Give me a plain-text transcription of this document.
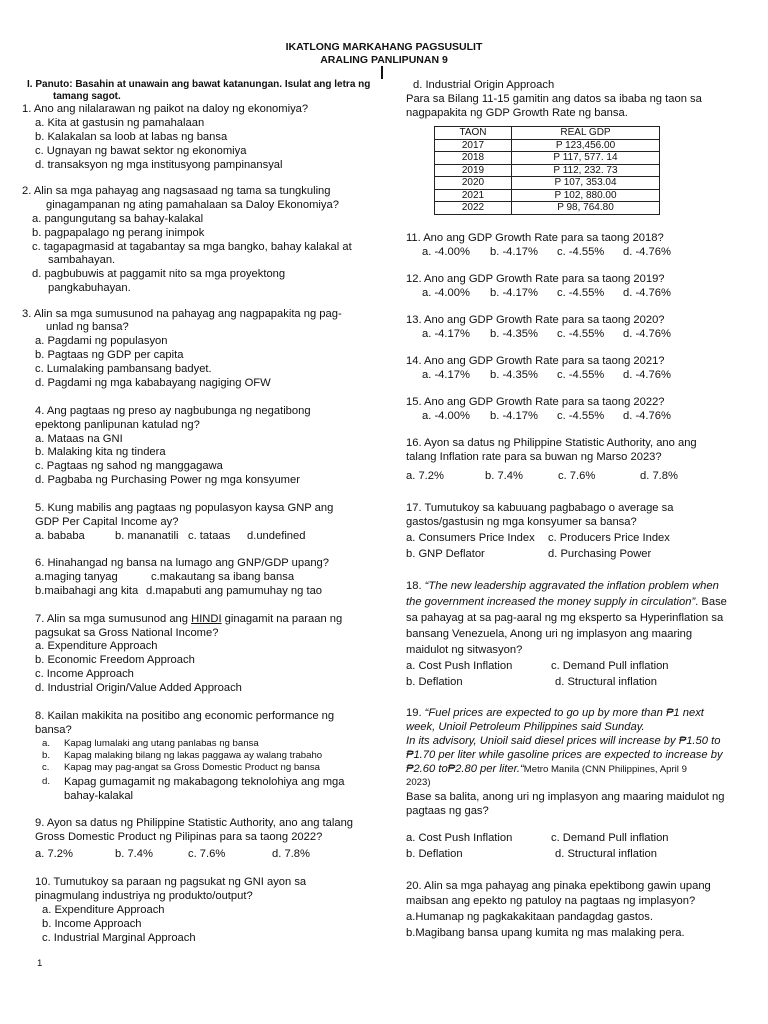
IKATLONG MARKAHANG PAGSUSULIT
ARALING PANLIPUNAN 9
I. Panuto: Basahin at unawain ang bawat katanungan. Isulat ang letra ng
tamang sagot.
1. Ano ang nilalarawan ng paikot na daloy ng ekonomiya?
a. Kita at gastusin ng pamahalaan
b. Kalakalan sa loob at labas ng bansa
c. Ugnayan ng bawat sektor ng ekonomiya
d. transaksyon ng mga institusyong pampinansyal
2. Alin sa mga pahayag ang nagsasaad ng tama sa tungkuling
ginagampanan ng ating pamahalaan sa Daloy Ekonomiya?
a. pangungutang sa bahay-kalakal
b. pagpapalago ng perang inimpok
c. tagapagmasid at tagabantay sa mga bangko, bahay kalakal at
sambahayan.
d. pagbubuwis at paggamit nito sa mga proyektong
pangkabuhayan.
3. Alin sa mga sumusunod na pahayag ang nagpapakita ng pag-
unlad ng bansa?
a. Pagdami ng populasyon
b. Pagtaas ng GDP per capita
c. Lumalaking pambansang badyet.
d. Pagdami ng mga kababayang nagiging OFW
4. Ang pagtaas ng preso ay nagbubunga ng negatibong
epektong panlipunan katulad ng?
a. Mataas na GNI
b. Malaking kita ng tindera
c. Pagtaas ng sahod ng manggagawa
d. Pagbaba ng Purchasing Power ng mga konsyumer
5. Kung mabilis ang pagtaas ng populasyon kaysa GNP ang
GDP Per Capital Income ay?
a. bababa	b. mananatili c. tataas d.undefined
6. Hinahangad ng bansa na lumago ang GNP/GDP upang?
a.maging tanyag	c.makautang sa ibang bansa
b.maibahagi ang kita d.mapabuti ang pamumuhay ng tao
7. Alin sa mga sumusunod ang HINDI ginagamit na paraan ng
pagsukat sa Gross National Income?
a. Expenditure Approach
b. Economic Freedom Approach
c. Income Approach
d. Industrial Origin/Value Added Approach
8. Kailan makikita na positibo ang economic performance ng
bansa?
a. Kapag lumalaki ang utang panlabas ng bansa
b. Kapag malaking bilang ng lakas paggawa ay walang trabaho
c. Kapag may pag-angat sa Gross Domestic Product ng bansa
d. Kapag gumagamit ng makabagong teknolohiya ang mga
bahay-kalakal
9. Ayon sa datus ng Philippine Statistic Authority, ano ang talang
Gross Domestic Product ng Pilipinas para sa taong 2022?
a. 7.2%	b. 7.4%	c. 7.6%	d. 7.8%
10. Tumutukoy sa paraan ng pagsukat ng GNI ayon sa
pinagmulang industriya ng produkto/output?
a. Expenditure Approach
b. Income Approach
c. Industrial Marginal Approach
1
d. Industrial Origin Approach
Para sa Bilang 11-15 gamitin ang datos sa ibaba ng taon sa
nagpapakita ng GDP Growth Rate ng bansa.
TAON	REAL GDP
2017	P 123,456.00
2018	P 117, 577. 14
2019	P 112, 232. 73
2020	P 107, 353.04
2021	P 102, 880.00
2022	P 98, 764.80
11. Ano ang GDP Growth Rate para sa taong 2018?
a. -4.00% b. -4.17% c. -4.55% d. -4.76%
12. Ano ang GDP Growth Rate para sa taong 2019?
a. -4.00% b. -4.17% c. -4.55% d. -4.76%
13. Ano ang GDP Growth Rate para sa taong 2020?
a. -4.17% b. -4.35% c. -4.55% d. -4.76%
14. Ano ang GDP Growth Rate para sa taong 2021?
a. -4.17% b. -4.35% c. -4.55% d. -4.76%
15. Ano ang GDP Growth Rate para sa taong 2022?
a. -4.00% b. -4.17% c. -4.55% d. -4.76%
16. Ayon sa datus ng Philippine Statistic Authority, ano ang
talang Inflation rate para sa buwan ng Marso 2023?
a. 7.2%	b. 7.4%	c. 7.6%	d. 7.8%
17. Tumutukoy sa kabuuang pagbabago o average sa
gastos/gastusin ng mga konsyumer sa bansa?
a. Consumers Price Index c. Producers Price Index
b. GNP Deflator	d. Purchasing Power
18. “The new leadership aggravated the inflation problem when
the government increased the money supply in circulation”. Base
sa pahayag at sa pag-aaral ng mg eksperto sa Hyperinflation sa
bansang Venezuela, Anong uri ng implasyon ang maaring
maidulot ng sitwasyon?
a. Cost Push Inflation	c. Demand Pull inflation
b. Deflation	d. Structural inflation
19. “Fuel prices are expected to go up by more than ₱1 next
week, Unioil Petroleum Philippines said Sunday.
In its advisory, Unioil said diesel prices will increase by ₱1.50 to
₱1.70 per liter while gasoline prices are expected to increase by
₱2.60 to₱2.80 per liter.“Metro Manila (CNN Philippines, April 9
2023)
Base sa balita, anong uri ng implasyon ang maaring maidulot ng
pagtaas ng gas?
a. Cost Push Inflation	c. Demand Pull inflation
b. Deflation	d. Structural inflation
20. Alin sa mga pahayag ang pinaka epektibong gawin upang
maibsan ang epekto ng patuloy na pagtaas ng implasyon?
a.Humanap ng pagkakakitaan pandagdag gastos.
b.Magibang bansa upang kumita ng mas malaking pera.
